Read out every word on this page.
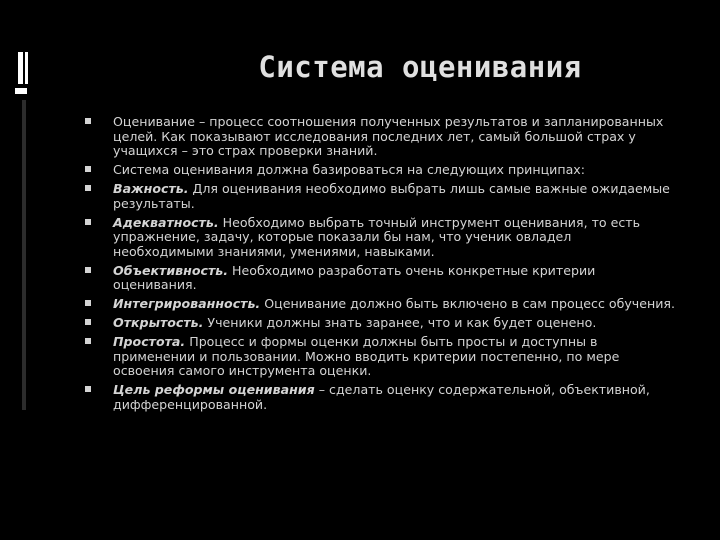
Система оценивания
Оценивание – процесс соотношения полученных результатов и запланированных целей. Как показывают исследования последних лет, самый большой страх у учащихся – это страх проверки знаний.
Система оценивания должна базироваться на следующих принципах:
Важность. Для оценивания необходимо выбрать лишь самые важные ожидаемые результаты.
Адекватность. Необходимо выбрать точный инструмент оценивания, то есть упражнение, задачу, которые показали бы нам, что ученик овладел необходимыми знаниями, умениями, навыками.
Объективность. Необходимо разработать очень конкретные критерии оценивания.
Интегрированность. Оценивание должно быть включено в сам процесс обучения.
Открытость. Ученики должны знать заранее, что и как будет оценено.
Простота. Процесс и формы оценки должны быть просты и доступны в применении и пользовании. Можно вводить критерии постепенно, по мере освоения самого инструмента оценки.
Цель реформы оценивания – сделать оценку содержательной, объективной, дифференцированной.
